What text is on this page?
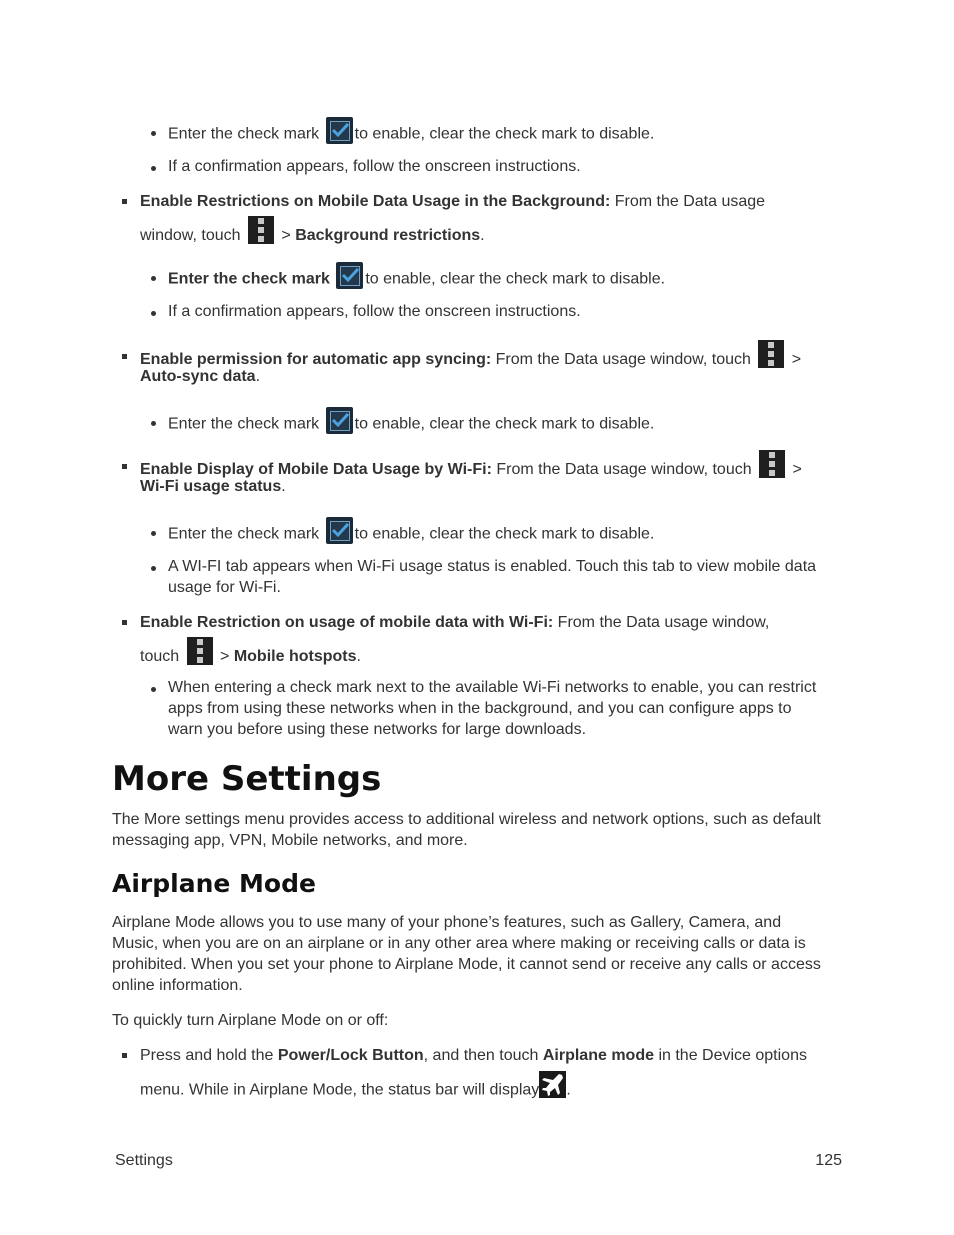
Enter the check mark to enable, clear the check mark to disable.
If a confirmation appears, follow the onscreen instructions.
Enable Restrictions on Mobile Data Usage in the Background: From the Data usage
window, touch
> Background restrictions.
Enter the check mark to enable, clear the check mark to disable.
If a confirmation appears, follow the onscreen instructions.
Enable permission for automatic app syncing: From the Data usage window, touch
>
Auto-sync data.
Enter the check mark to enable, clear the check mark to disable.
Enable Display of Mobile Data Usage by Wi-Fi: From the Data usage window, touch
>
Wi-Fi usage status.
Enter the check mark to enable, clear the check mark to disable.
A WI-FI tab appears when Wi-Fi usage status is enabled. Touch this tab to view mobile data
usage for Wi-Fi.
Enable Restriction on usage of mobile data with Wi-Fi: From the Data usage window,
touch
> Mobile hotspots.
When entering a check mark next to the available Wi-Fi networks to enable, you can restrict
apps from using these networks when in the background, and you can configure apps to
warn you before using these networks for large downloads.
More Settings
The More settings menu provides access to additional wireless and network options, such as default
messaging app, VPN, Mobile networks, and more.
Airplane Mode
Airplane Mode allows you to use many of your phone’s features, such as Gallery, Camera, and
Music, when you are on an airplane or in any other area where making or receiving calls or data is
prohibited. When you set your phone to Airplane Mode, it cannot send or receive any calls or access
online information.
To quickly turn Airplane Mode on or off:
Press and hold the Power/Lock Button, and then touch Airplane mode in the Device options
menu. While in Airplane Mode, the status bar will display .
Settings	125
